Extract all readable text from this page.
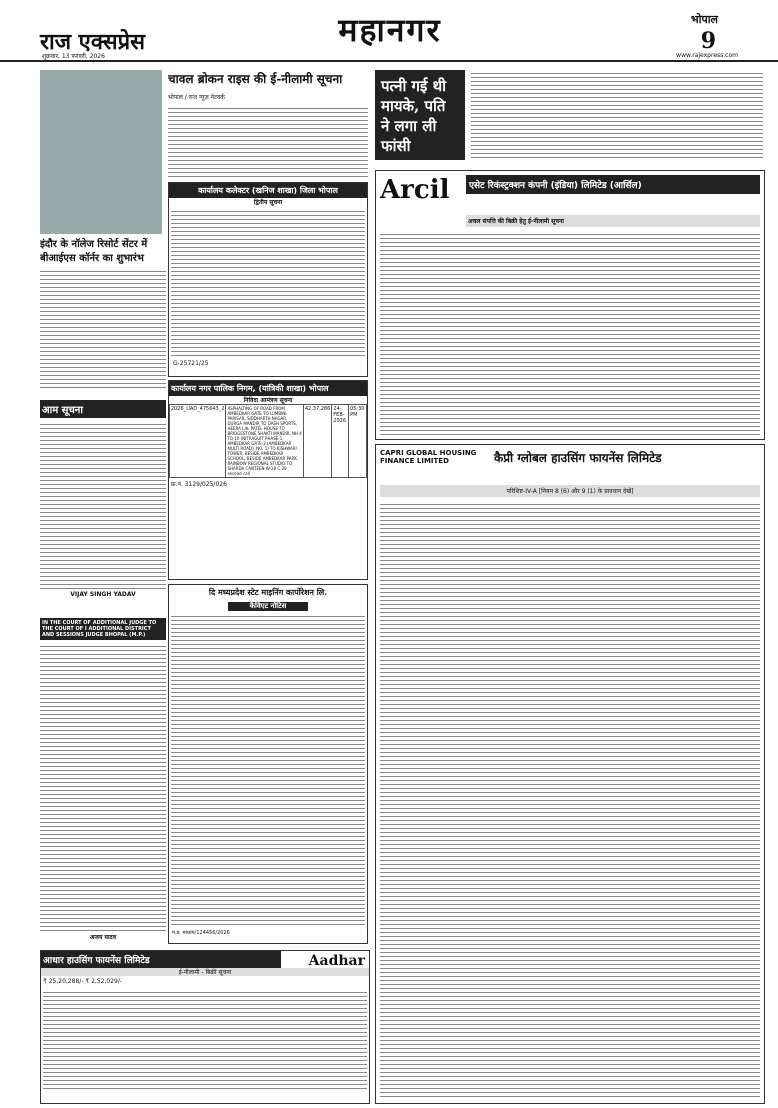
राज एक्सप्रेस
शुक्रवार, 13 फरवरी, 2026
महानगर	भोपाल
9
www.rajexpress.com
चावल ब्रोकन राइस की ई-नीलामी सूचना
भोपाल / राज न्यूज़ नेटवर्क
पत्नी गई थी मायके, पति ने लगा ली फांसी
कार्यालय कलेक्टर (खनिज शाखा) जिला भोपाल
द्वितीय सूचना
G-25721/25
इंदौर के नॉलेज रिसोर्ट सेंटर में बीआईएस कॉर्नर का शुभारंभ
Arcil	एसेट रिकंस्ट्रक्शन कंपनी (इंडिया) लिमिटेड (आर्सिल)
अचल संपत्ति की बिक्री हेतु ई-नीलामी सूचना
आम सूचना
VIJAY SINGH YADAV
कार्यालय नगर पालिक निगम, (यांत्रिकी शाखा) भोपाल
निविदा आमंत्रण सूचना
2026_UAD_475643_2	ASPHALTING OF ROAD FROM AMBEDKAR GATE TO LUMBINI PARISAR, SIDDHARTH NAGAR, DURGA MANDIR TO DASH SPORTS, HEERA LAL PATEL HOUSE TO BRIDGESTONE SHAKTI MANDIR, NH 4 TO 10 (NITRAGUIT PHASE-1, AMBEDKAR GATE-2 (AMBEDKAR MULTI ROAD), NO. 1) TO KISHWARI TOWER, BESIDE AMBEDKAR SCHOOL, BESIDE AMBEDKAR PARK, RAINBOW REGIONAL STUDIO TO SHARDA CANTEEN W-28 C-28 second call	42,37,286	24-FEB-2026	05:30 PM
फ्र.नं. 3129/025/026
IN THE COURT OF ADDITIONAL JUDGE TO THE COURT OF I ADDITIONAL DISTRICT AND SESSIONS JUDGE BHOPAL (M.P.)
अजय यादव
दि मध्यप्रदेश स्टेट माइनिंग कार्पोरेशन लि.
कैविएट नोटिस
म.प्र. माध्यम/124456/2026
CAPRI GLOBAL HOUSING FINANCE LIMITED	कैप्री ग्लोबल हाउसिंग फायनेंस लिमिटेड
परिशिष्ट-IV-A [नियम 8 (6) और 9 (1) के प्रावधान देखें]
आधार हाउसिंग फायनेंस लिमिटेड	Aadhar
ई-नीलामी - बिक्री सूचना
₹ 25,20,288/- ₹ 2,52,029/-
